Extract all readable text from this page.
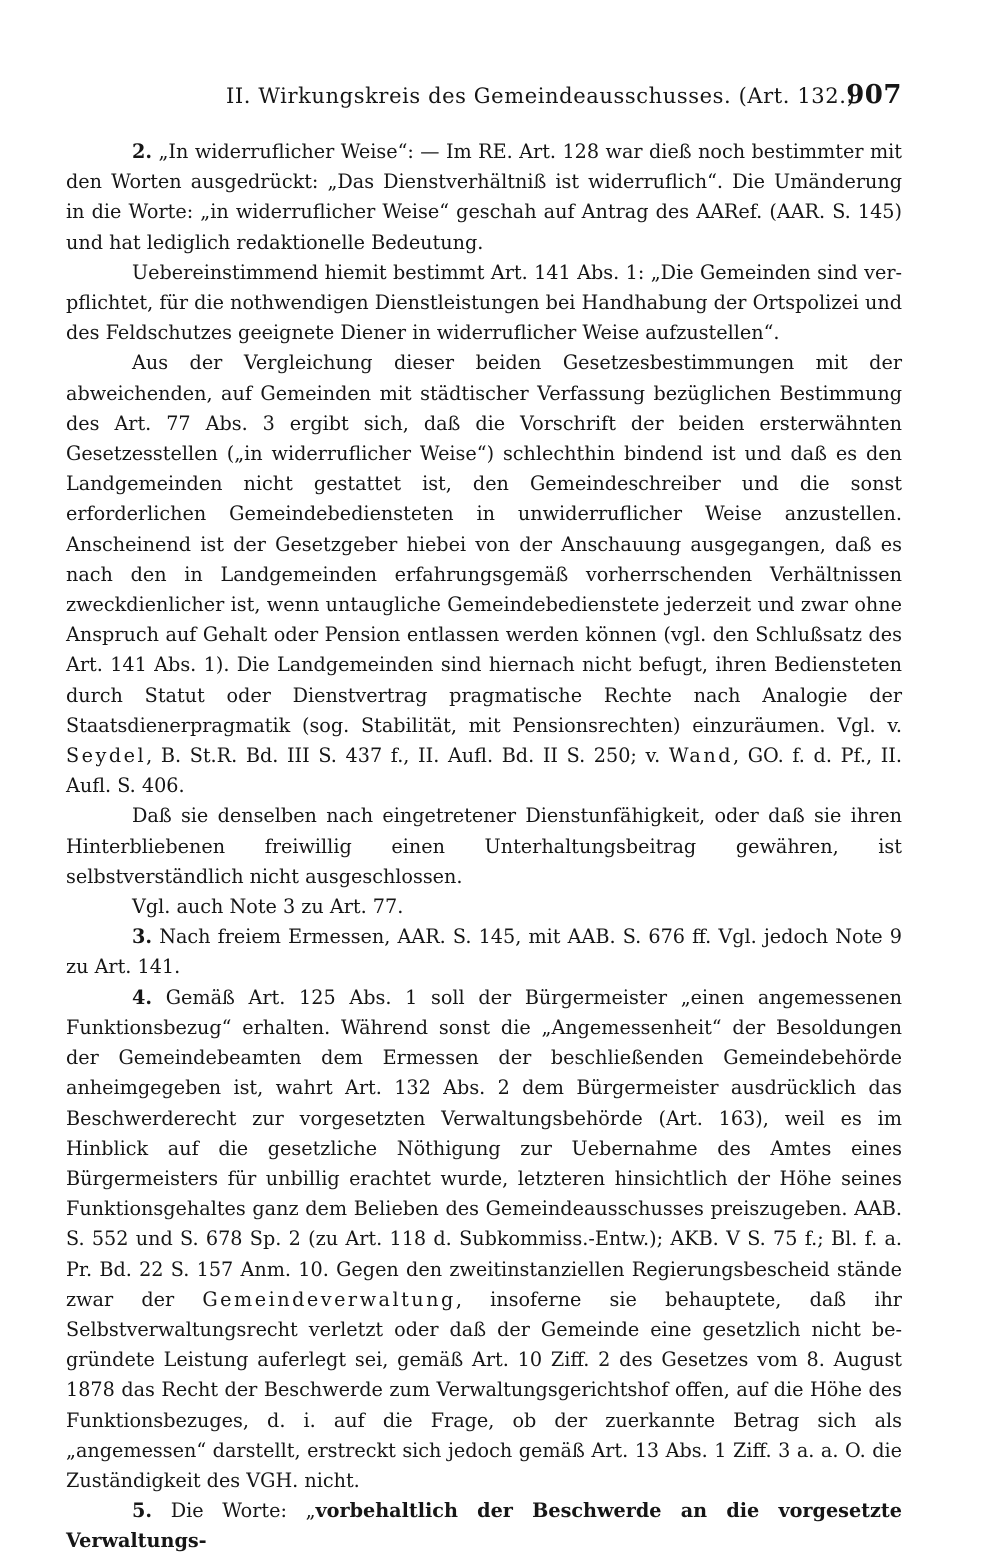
II. Wirkungskreis des Gemeindeausschusses. (Art. 132.)
907

2. „In widerruflicher Weise“: — Im RE. Art. 128 war dieß noch bestimmter mit den Worten ausgedrückt: „Das Dienstverhältniß ist widerruflich“. Die Umänderung in die Worte: „in widerruflicher Weise“ geschah auf Antrag des AARef. (AAR. S. 145) und hat lediglich redaktionelle Bedeutung.

Uebereinstimmend hiemit bestimmt Art. 141 Abs. 1: „Die Gemeinden sind verpflichtet, für die nothwendigen Dienstleistungen bei Handhabung der Ortspolizei und des Feldschutzes geeignete Diener in widerruflicher Weise aufzustellen“.

Aus der Vergleichung dieser beiden Gesetzesbestimmungen mit der abweichenden, auf Gemeinden mit städtischer Verfassung bezüglichen Bestimmung des Art. 77 Abs. 3 ergibt sich, daß die Vorschrift der beiden ersterwähnten Gesetzesstellen („in widerruflicher Weise“) schlechthin bindend ist und daß es den Landgemeinden nicht gestattet ist, den Gemeindeschreiber und die sonst erforderlichen Gemeindebediensteten in unwiderruflicher Weise anzustellen. Anscheinend ist der Gesetzgeber hiebei von der Anschauung ausgegangen, daß es nach den in Landgemeinden erfahrungsgemäß vorherrschenden Verhältnissen zweckdienlicher ist, wenn untaugliche Gemeindebedienstete jederzeit und zwar ohne Anspruch auf Gehalt oder Pension entlassen werden können (vgl. den Schlußsatz des Art. 141 Abs. 1). Die Landgemeinden sind hiernach nicht befugt, ihren Bediensteten durch Statut oder Dienstvertrag pragmatische Rechte nach Analogie der Staatsdienerpragmatik (sog. Stabilität, mit Pensionsrechten) einzuräumen. Vgl. v. Seydel, B. St.R. Bd. III S. 437 f., II. Aufl. Bd. II S. 250; v. Wand, GO. f. d. Pf., II. Aufl. S. 406.

Daß sie denselben nach eingetretener Dienstunfähigkeit, oder daß sie ihren Hinterbliebenen freiwillig einen Unterhaltungsbeitrag gewähren, ist selbstverständlich nicht ausgeschlossen.

Vgl. auch Note 3 zu Art. 77.

3. Nach freiem Ermessen, AAR. S. 145, mit AAB. S. 676 ff. Vgl. jedoch Note 9 zu Art. 141.

4. Gemäß Art. 125 Abs. 1 soll der Bürgermeister „einen angemessenen Funktionsbezug“ erhalten. Während sonst die „Angemessenheit“ der Besoldungen der Gemeindebeamten dem Ermessen der beschließenden Gemeindebehörde anheimgegeben ist, wahrt Art. 132 Abs. 2 dem Bürgermeister ausdrücklich das Beschwerderecht zur vorgesetzten Verwaltungsbehörde (Art. 163), weil es im Hinblick auf die gesetzliche Nöthigung zur Uebernahme des Amtes eines Bürgermeisters für unbillig erachtet wurde, letzteren hinsichtlich der Höhe seines Funktionsgehaltes ganz dem Belieben des Gemeindeausschusses preiszugeben. AAB. S. 552 und S. 678 Sp. 2 (zu Art. 118 d. Subkommiss.-Entw.); AKB. V S. 75 f.; Bl. f. a. Pr. Bd. 22 S. 157 Anm. 10. Gegen den zweitinstanziellen Regierungsbescheid stände zwar der Gemeindeverwaltung, insoferne sie behauptete, daß ihr Selbstverwaltungsrecht verletzt oder daß der Gemeinde eine gesetzlich nicht begründete Leistung auferlegt sei, gemäß Art. 10 Ziff. 2 des Gesetzes vom 8. August 1878 das Recht der Beschwerde zum Verwaltungsgerichtshof offen, auf die Höhe des Funktionsbezuges, d. i. auf die Frage, ob der zuerkannte Betrag sich als „angemessen“ darstellt, erstreckt sich jedoch gemäß Art. 13 Abs. 1 Ziff. 3 a. a. O. die Zuständigkeit des VGH. nicht.

5. Die Worte: „vorbehaltlich der Beschwerde an die vorgesetzte Verwaltungs-
